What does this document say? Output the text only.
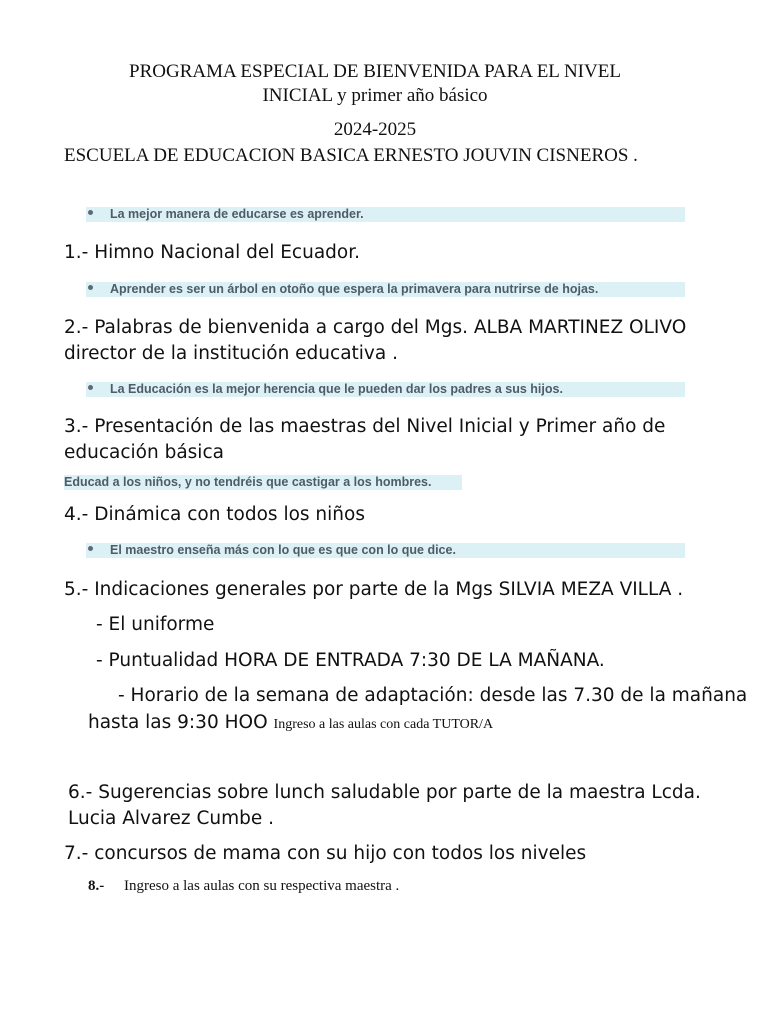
PROGRAMA ESPECIAL DE BIENVENIDA PARA EL NIVEL
INICIAL y primer año básico
2024-2025
ESCUELA DE EDUCACION BASICA ERNESTO JOUVIN CISNEROS .
La mejor manera de educarse es aprender.
1.- Himno Nacional del Ecuador.
Aprender es ser un árbol en otoño que espera la primavera para nutrirse de hojas.
2.- Palabras de bienvenida a cargo del Mgs. ALBA MARTINEZ OLIVO director de la institución educativa .
La Educación es la mejor herencia que le pueden dar los padres a sus hijos.
3.- Presentación de las maestras del Nivel Inicial y Primer año de educación básica
Educad a los niños, y no tendréis que castigar a los hombres.
4.- Dinámica con todos los niños
El maestro enseña más con lo que es que con lo que dice.
5.- Indicaciones generales por parte de la Mgs SILVIA MEZA VILLA .
- El uniforme
- Puntualidad HORA DE ENTRADA 7:30 DE LA MAÑANA.
- Horario de la semana de adaptación: desde las 7.30 de la mañana
hasta las 9:30 HOO Ingreso a las aulas con cada TUTOR/A
6.- Sugerencias sobre lunch saludable por parte de la maestra Lcda. Lucia Alvarez Cumbe .
7.- concursos de mama con su hijo con todos los niveles
8.- Ingreso a las aulas con su respectiva maestra .
